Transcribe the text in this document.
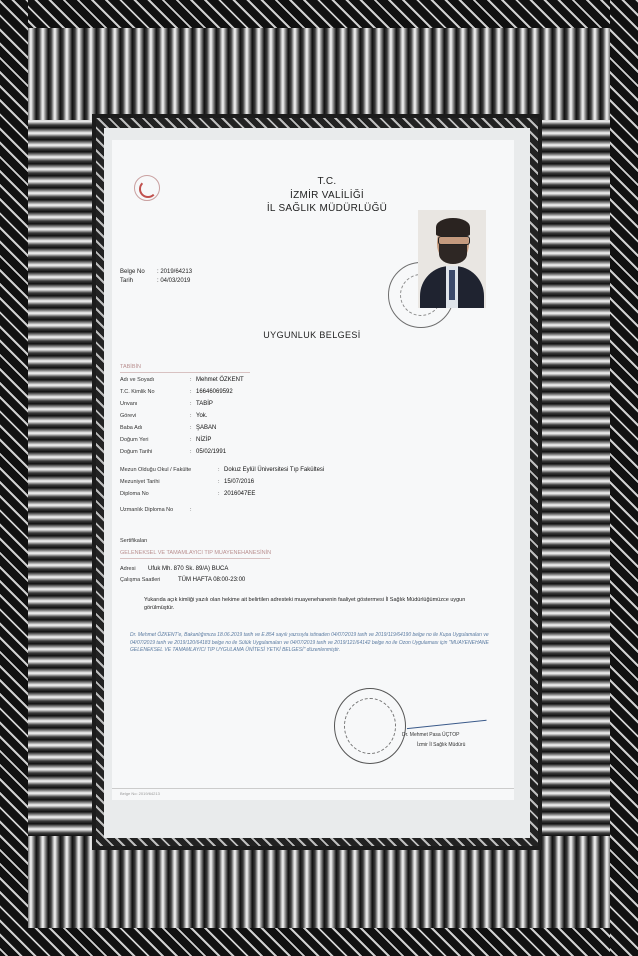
T.C.
İZMİR VALİLİĞİ
İL SAĞLIK MÜDÜRLÜĞÜ
Belge No : 2019/64213
Tarih	: 04/03/2019
UYGUNLUK BELGESİ
TABİBİN
Sertifikaları
GELENEKSEL VE TAMAMLAYICI TIP MUAYENEHANESİNİN
Adresi Ufuk Mh. 870 Sk. 89/A) BUCA
Çalışma Saatleri	TÜM HAFTA 08:00-23:00
Yukarıda açık kimliği yazılı olan hekime ait belirtilen adresteki muayenehanenin faaliyet göstermesi İl Sağlık Müdürlüğümüzce uygun görülmüştür.
Dr. Mehmet ÖZKENT'e, Bakanlığımıza 18.06.2019 tarih ve E.854 sayılı yazısıyla istinaden 04/07/2019 tarih ve 2019/119/64190 belge no ile Kupa Uygulamaları ve 04/07/2019 tarih ve 2019/120/64183 belge no ile Sülük Uygulamaları ve 04/07/2019 tarih ve 2019/121/64142 belge no ile Ozon Uygulaması için "MUAYENEHANE GELENEKSEL VE TAMAMLAYICI TIP UYGULAMA ÜNİTESİ YETKİ BELGESİ" düzenlenmiştir.
Dr. Mehmet Pasa ÜÇTOP
İzmir İl Sağlık Müdürü
Belge No: 2019/64213
Adı ve Soyadı	: Mehmet ÖZKENT
T.C. Kimlik No	: 16646069592
Unvanı	: TABİP
Görevi	: Yok.
Baba Adı	: ŞABAN
Doğum Yeri	: NİZİP
Doğum Tarihi	: 05/02/1991
Mezun Olduğu Okul / Fakülte	: Dokuz Eylül Üniversitesi Tıp Fakültesi
Mezuniyet Tarihi	: 15/07/2016
Diploma No	: 2016047EE
Uzmanlık Diploma No	:
